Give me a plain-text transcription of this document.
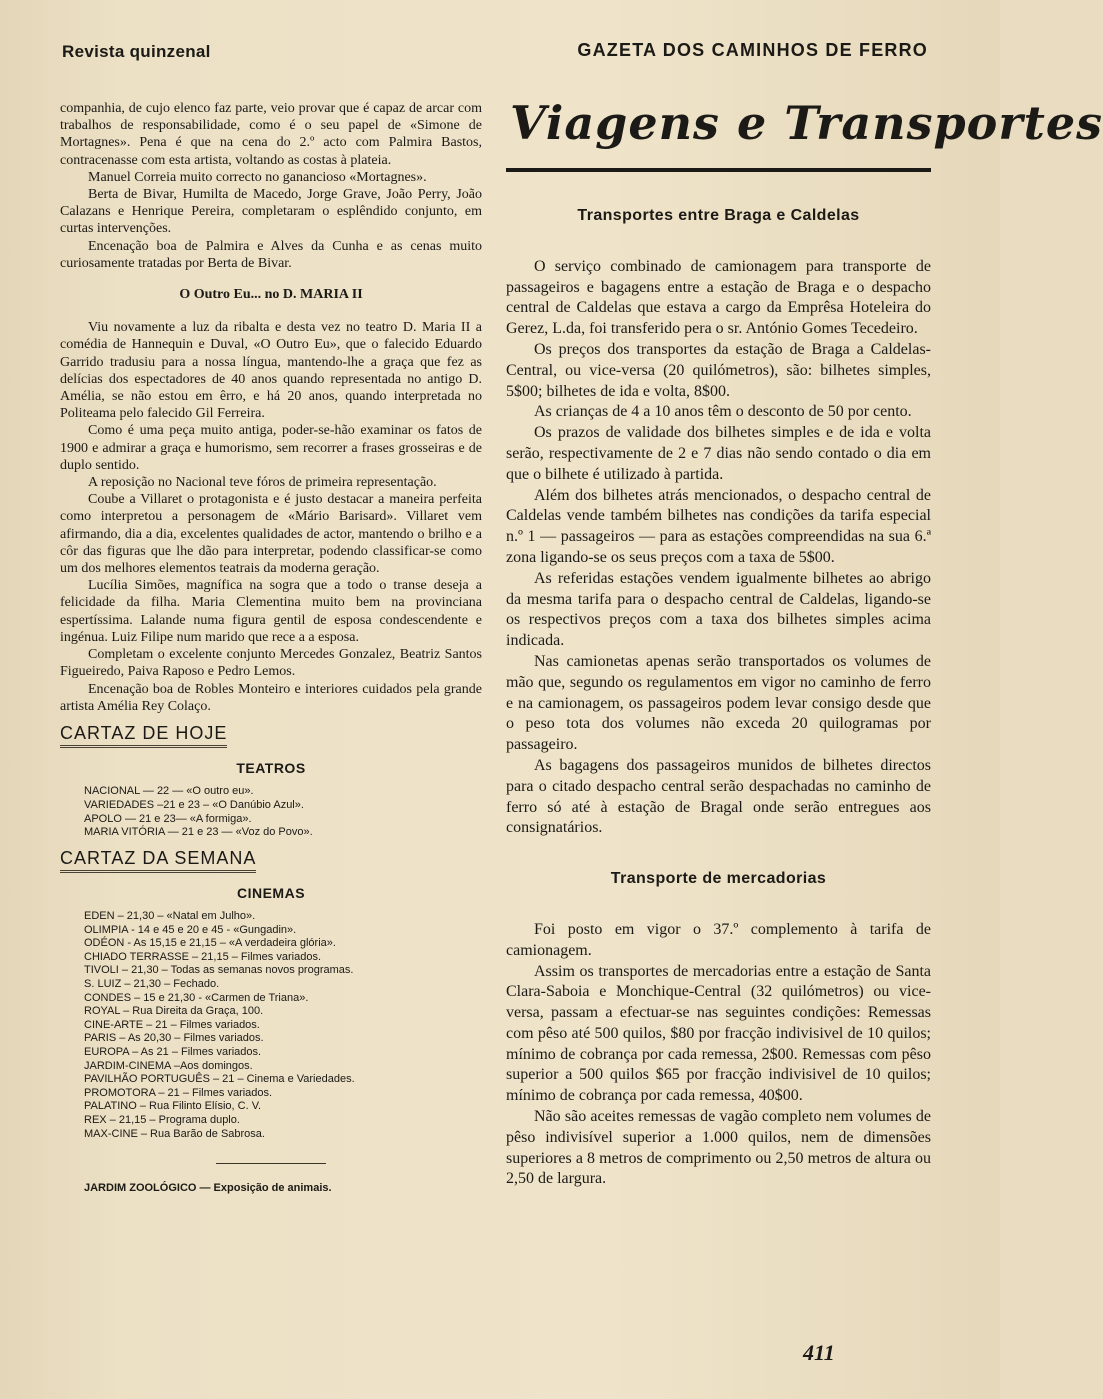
Revista quinzenal	GAZETA DOS CAMINHOS DE FERRO

companhia, de cujo elenco faz parte, veio provar que é capaz de arcar com trabalhos de responsabilidade, como é o seu papel de «Simone de Mortagnes». Pena é que na cena do 2.º acto com Palmira Bastos, contracenasse com esta artista, voltando as costas à plateia.

Manuel Correia muito correcto no ganancioso «Mortagnes».

Berta de Bivar, Humilta de Macedo, Jorge Grave, João Perry, João Calazans e Henrique Pereira, completaram o esplêndido conjunto, em curtas intervenções.

Encenação boa de Palmira e Alves da Cunha e as cenas muito curiosamente tratadas por Berta de Bivar.

O Outro Eu... no D. MARIA II

Viu novamente a luz da ribalta e desta vez no teatro D. Maria II a comédia de Hannequin e Duval, «O Outro Eu», que o falecido Eduardo Garrido tradusiu para a nossa língua, mantendo-lhe a graça que fez as delícias dos espectadores de 40 anos quando representada no antigo D. Amélia, se não estou em êrro, e há 20 anos, quando interpretada no Politeama pelo falecido Gil Ferreira.

Como é uma peça muito antiga, poder-se-hão examinar os fatos de 1900 e admirar a graça e humorismo, sem recorrer a frases grosseiras e de duplo sentido.

A reposição no Nacional teve fóros de primeira representação.

Coube a Villaret o protagonista e é justo destacar a maneira perfeita como interpretou a personagem de «Mário Barisard». Villaret vem afirmando, dia a dia, excelentes qualidades de actor, mantendo o brilho e a côr das figuras que lhe dão para interpretar, podendo classificar-se como um dos melhores elementos teatrais da moderna geração.

Lucília Simões, magnífica na sogra que a todo o transe deseja a felicidade da filha. Maria Clementina muito bem na provinciana espertíssima. Lalande numa figura gentil de esposa condescendente e ingénua. Luiz Filipe num marido que rece a a esposa.

Completam o excelente conjunto Mercedes Gonzalez, Beatriz Santos Figueiredo, Paiva Raposo e Pedro Lemos.

Encenação boa de Robles Monteiro e interiores cuidados pela grande artista Amélia Rey Colaço.

CARTAZ DE HOJE
TEATROS
NACIONAL — 22 — «O outro eu».
VARIEDADES –21 e 23 – «O Danúbio Azul».
APOLO — 21 e 23— «A formiga».
MARIA VITÓRIA — 21 e 23 — «Voz do Povo».
CARTAZ DA SEMANA
CINEMAS
EDEN – 21,30 – «Natal em Julho».
OLIMPIA - 14 e 45 e 20 e 45 - «Gungadin».
ODÉON - As 15,15 e 21,15 – «A verdadeira glória».
CHIADO TERRASSE – 21,15 – Filmes variados.
TIVOLI – 21,30 – Todas as semanas novos programas.
S. LUIZ – 21,30 – Fechado.
CONDES – 15 e 21,30 - «Carmen de Triana».
ROYAL – Rua Direita da Graça, 100.
CINE-ARTE – 21 – Filmes variados.
PARIS – As 20,30 – Filmes variados.
EUROPA – As 21 – Filmes variados.
JARDIM-CINEMA –Aos domingos.
PAVILHÃO PORTUGUÊS – 21 – Cinema e Variedades.
PROMOTORA – 21 – Filmes variados.
PALATINO – Rua Filinto Elísio, C. V.
REX – 21,15 – Programa duplo.
MAX-CINE – Rua Barão de Sabrosa.
JARDIM ZOOLÓGICO — Exposição de animais.
Viagens e Transportes
Transportes entre Braga e Caldelas

O serviço combinado de camionagem para transporte de passageiros e bagagens entre a estação de Braga e o despacho central de Caldelas que estava a cargo da Emprêsa Hoteleira do Gerez, L.da, foi transferido pera o sr. António Gomes Tecedeiro.

Os preços dos transportes da estação de Braga a Caldelas-Central, ou vice-versa (20 quilómetros), são: bilhetes simples, 5$00; bilhetes de ida e volta, 8$00.

As crianças de 4 a 10 anos têm o desconto de 50 por cento.

Os prazos de validade dos bilhetes simples e de ida e volta serão, respectivamente de 2 e 7 dias não sendo contado o dia em que o bilhete é utilizado à partida.

Além dos bilhetes atrás mencionados, o despacho central de Caldelas vende também bilhetes nas condições da tarifa especial n.º 1 — passageiros — para as estações compreendidas na sua 6.ª zona ligando-se os seus preços com a taxa de 5$00.

As referidas estações vendem igualmente bilhetes ao abrigo da mesma tarifa para o despacho central de Caldelas, ligando-se os respectivos preços com a taxa dos bilhetes simples acima indicada.

Nas camionetas apenas serão transportados os volumes de mão que, segundo os regulamentos em vigor no caminho de ferro e na camionagem, os passageiros podem levar consigo desde que o peso tota dos volumes não exceda 20 quilogramas por passageiro.

As bagagens dos passageiros munidos de bilhetes directos para o citado despacho central serão despachadas no caminho de ferro só até à estação de Bragal onde serão entregues aos consignatários.

Transporte de mercadorias

Foi posto em vigor o 37.º complemento à tarifa de camionagem.

Assim os transportes de mercadorias entre a estação de Santa Clara-Saboia e Monchique-Central (32 quilómetros) ou vice-versa, passam a efectuar-se nas seguintes condições: Remessas com pêso até 500 quilos, $80 por fracção indivisivel de 10 quilos; mínimo de cobrança por cada remessa, 2$00. Remessas com pêso superior a 500 quilos $65 por fracção indivisivel de 10 quilos; mínimo de cobrança por cada remessa, 40$00.

Não são aceites remessas de vagão completo nem volumes de pêso indivisível superior a 1.000 quilos, nem de dimensões superiores a 8 metros de comprimento ou 2,50 metros de altura ou 2,50 de largura.

411
